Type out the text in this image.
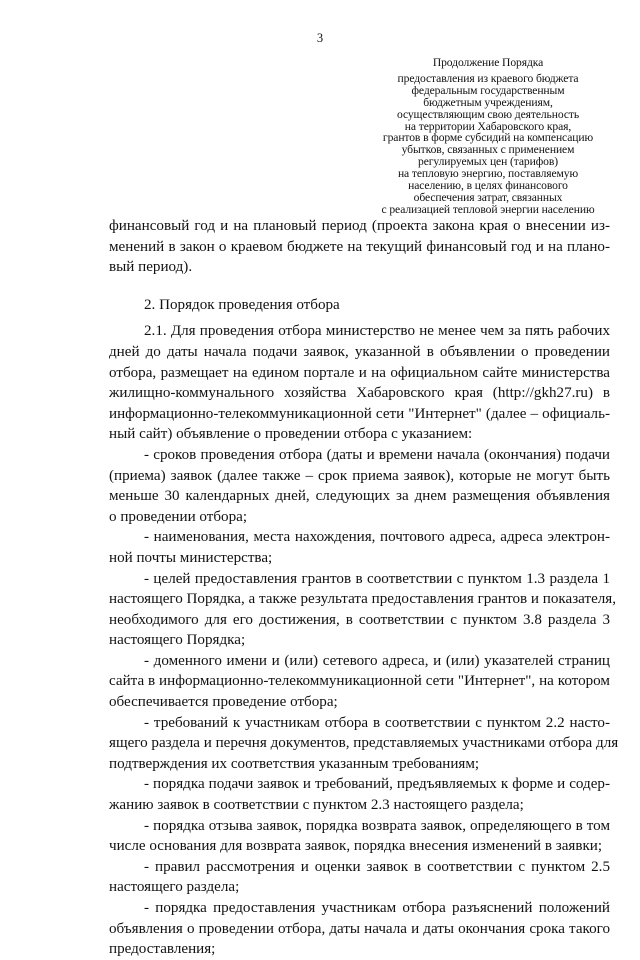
3
Продолжение Порядка
предоставления из краевого бюджета
федеральным государственным
бюджетным учреждениям,
осуществляющим свою деятельность
на территории Хабаровского края,
грантов в форме субсидий на компенсацию
убытков, связанных с применением
регулируемых цен (тарифов)
на тепловую энергию, поставляемую
населению, в целях финансового
обеспечения затрат, связанных
с реализацией тепловой энергии населению
финансовый год и на плановый период (проекта закона края о внесении из-
менений в закон о краевом бюджете на текущий финансовый год и на плано-
вый период).
2. Порядок проведения отбора
2.1. Для проведения отбора министерство не менее чем за пять рабочих
дней до даты начала подачи заявок, указанной в объявлении о проведении
отбора, размещает на едином портале и на официальном сайте министерства
жилищно-коммунального хозяйства Хабаровского края (http://gkh27.ru) в
информационно-телекоммуникационной сети "Интернет" (далее – официаль-
ный сайт) объявление о проведении отбора с указанием:
- сроков проведения отбора (даты и времени начала (окончания) подачи
(приема) заявок (далее также – срок приема заявок), которые не могут быть
меньше 30 календарных дней, следующих за днем размещения объявления
о проведении отбора;
- наименования, места нахождения, почтового адреса, адреса электрон-
ной почты министерства;
- целей предоставления грантов в соответствии с пунктом 1.3 раздела 1
настоящего Порядка, а также результата предоставления грантов и показателя,
необходимого для его достижения, в соответствии с пунктом 3.8 раздела 3
настоящего Порядка;
- доменного имени и (или) сетевого адреса, и (или) указателей страниц
сайта в информационно-телекоммуникационной сети "Интернет", на котором
обеспечивается проведение отбора;
- требований к участникам отбора в соответствии с пунктом 2.2 насто-
ящего раздела и перечня документов, представляемых участниками отбора для
подтверждения их соответствия указанным требованиям;
- порядка подачи заявок и требований, предъявляемых к форме и содер-
жанию заявок в соответствии с пунктом 2.3 настоящего раздела;
- порядка отзыва заявок, порядка возврата заявок, определяющего в том
числе основания для возврата заявок, порядка внесения изменений в заявки;
- правил рассмотрения и оценки заявок в соответствии с пунктом 2.5
настоящего раздела;
- порядка предоставления участникам отбора разъяснений положений
объявления о проведении отбора, даты начала и даты окончания срока такого
предоставления;
